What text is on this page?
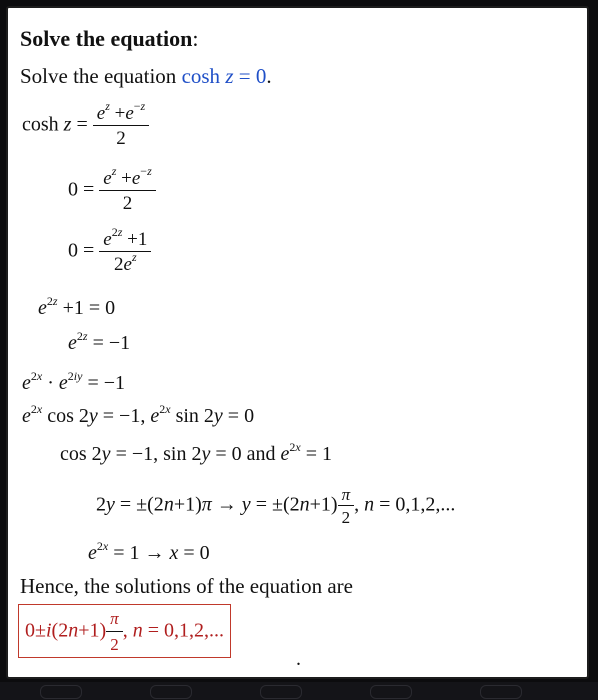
Solve the equation:
Solve the equation cosh z = 0.
$\cosh z = \frac{e^z +e^{-z}}{2}$
$0 = \frac{e^z +e^{-z}}{2}$
$0 = \frac{e^{2z} +1}{2e^z}$
$e^{2z} +1 = 0$
$e^{2z} = -1$
$e^{2x} \cdot e^{2iy} = -1$
$e^{2x}$ cos 2y = −1, $e^{2x}$ sin 2y = 0
cos 2y = −1, sin 2y = 0 and $e^{2x} = 1$
$2y = \pm(2n+1)\pi \to y = \pm(2n+1) \frac{\pi}{2}$ , n = 0,1,2,...
$e^{2x} = 1 \to x = 0$
Hence, the solutions of the equation are
$0\pm i(2n+1) \frac{\pi}{2}$ , n = 0,1,2,...
.
